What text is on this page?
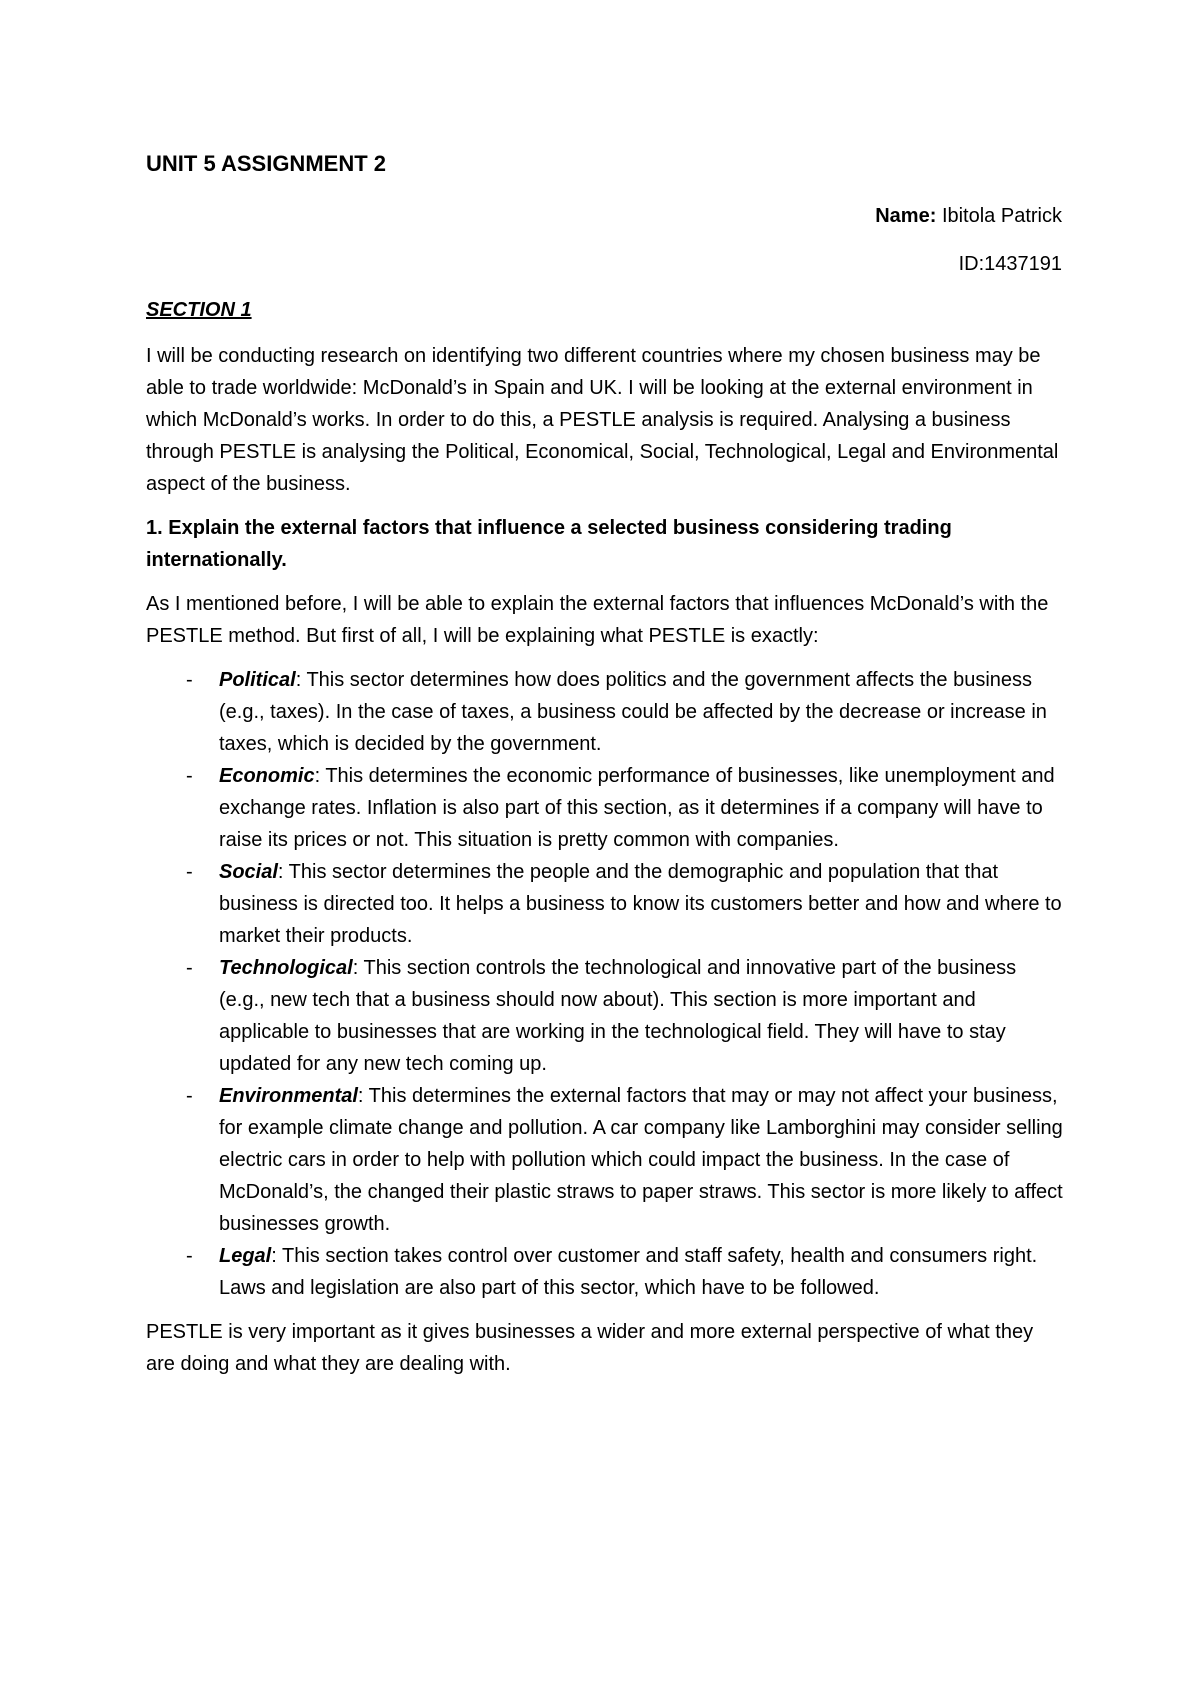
UNIT 5 ASSIGNMENT 2
Name: Ibitola Patrick
ID:1437191
SECTION 1

I will be conducting research on identifying two different countries where my chosen business may be able to trade worldwide: McDonald’s in Spain and UK. I will be looking at the external environment in which McDonald’s works. In order to do this, a PESTLE analysis is required. Analysing a business through PESTLE is analysing the Political, Economical, Social, Technological, Legal and Environmental aspect of the business.

1. Explain the external factors that influence a selected business considering trading internationally.

As I mentioned before, I will be able to explain the external factors that influences McDonald’s with the PESTLE method. But first of all, I will be explaining what PESTLE is exactly:

- Political: This sector determines how does politics and the government affects the business (e.g., taxes). In the case of taxes, a business could be affected by the decrease or increase in taxes, which is decided by the government.
- Economic: This determines the economic performance of businesses, like unemployment and exchange rates. Inflation is also part of this section, as it determines if a company will have to raise its prices or not. This situation is pretty common with companies.
- Social: This sector determines the people and the demographic and population that that business is directed too. It helps a business to know its customers better and how and where to market their products.
- Technological: This section controls the technological and innovative part of the business (e.g., new tech that a business should now about). This section is more important and applicable to businesses that are working in the technological field. They will have to stay updated for any new tech coming up.
- Environmental: This determines the external factors that may or may not affect your business, for example climate change and pollution. A car company like Lamborghini may consider selling electric cars in order to help with pollution which could impact the business. In the case of McDonald’s, the changed their plastic straws to paper straws. This sector is more likely to affect businesses growth.
- Legal: This section takes control over customer and staff safety, health and consumers right. Laws and legislation are also part of this sector, which have to be followed.

PESTLE is very important as it gives businesses a wider and more external perspective of what they are doing and what they are dealing with.
